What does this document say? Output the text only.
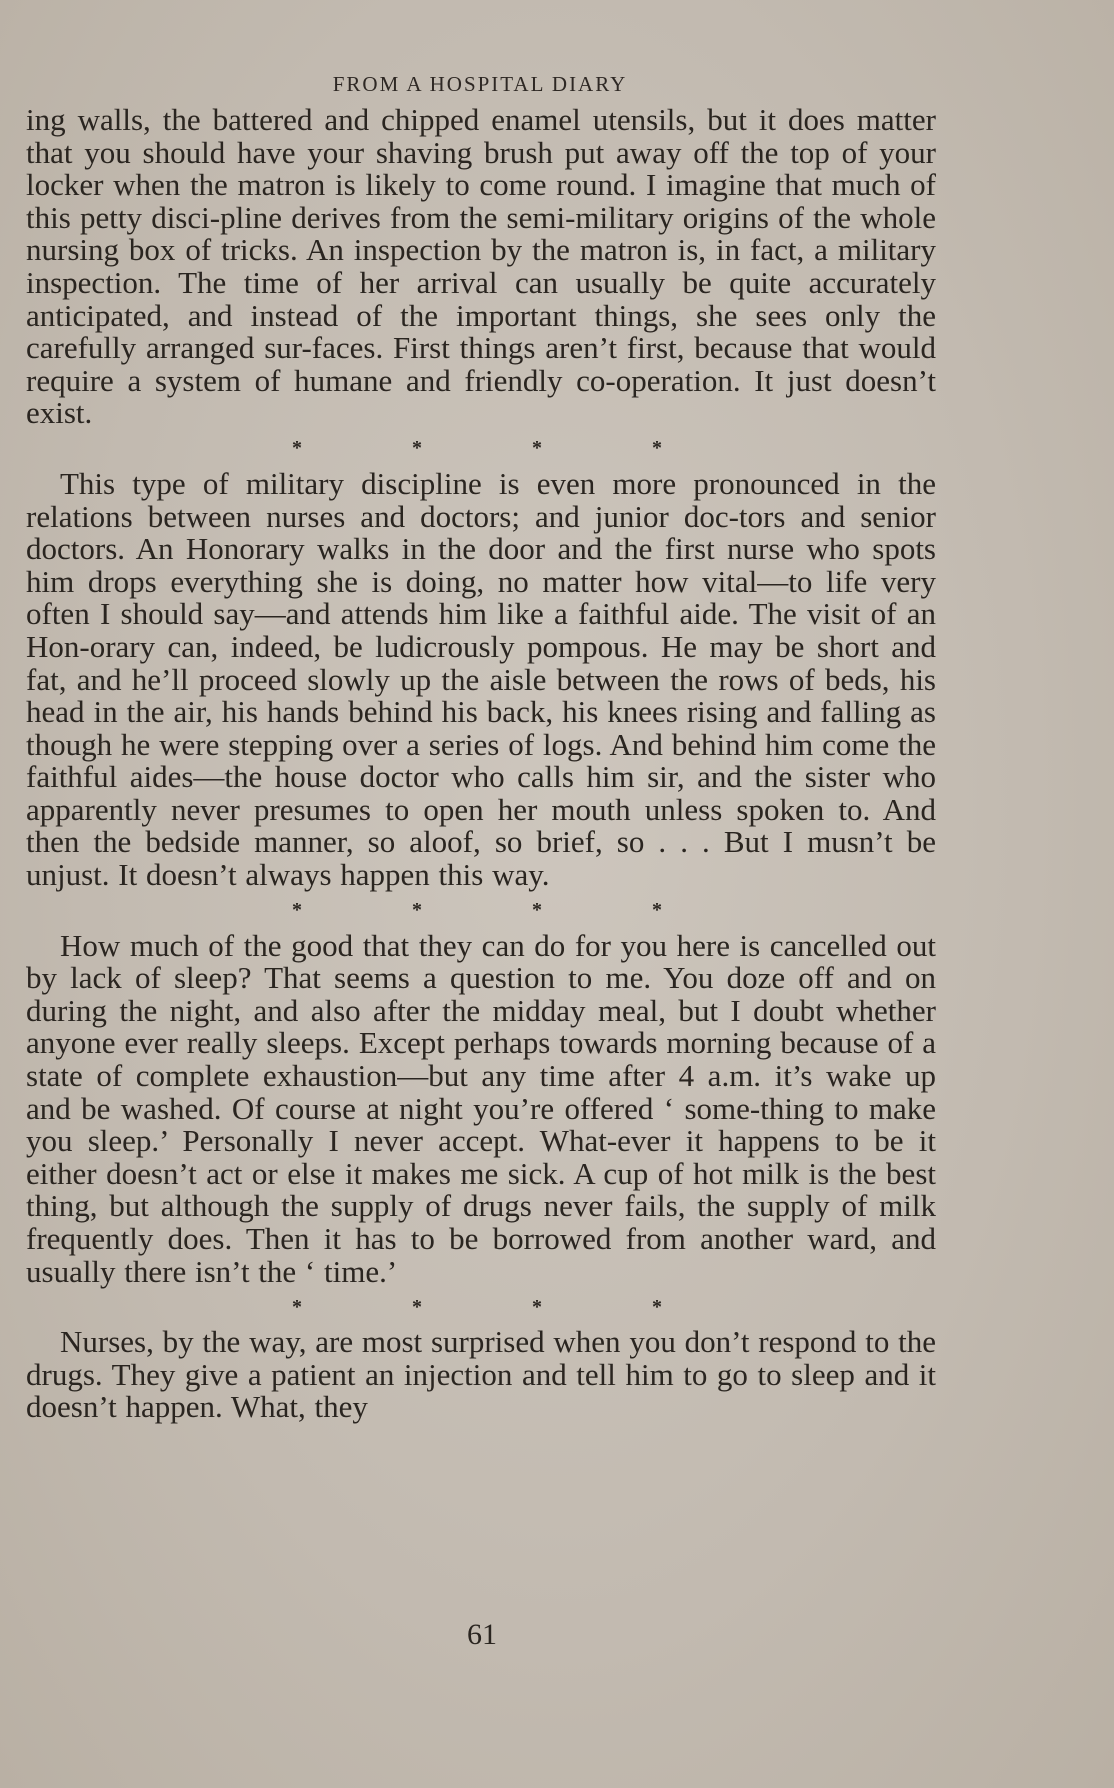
FROM A HOSPITAL DIARY

ing walls, the battered and chipped enamel utensils, but it does matter that you should have your shaving brush put away off the top of your locker when the matron is likely to come round. I imagine that much of this petty disci-pline derives from the semi-military origins of the whole nursing box of tricks. An inspection by the matron is, in fact, a military inspection. The time of her arrival can usually be quite accurately anticipated, and instead of the important things, she sees only the carefully arranged sur-faces. First things aren’t first, because that would require a system of humane and friendly co-operation. It just doesn’t exist.

*	*	*	*

This type of military discipline is even more pronounced in the relations between nurses and doctors; and junior doc-tors and senior doctors. An Honorary walks in the door and the first nurse who spots him drops everything she is doing, no matter how vital—to life very often I should say—and attends him like a faithful aide. The visit of an Hon-orary can, indeed, be ludicrously pompous. He may be short and fat, and he’ll proceed slowly up the aisle between the rows of beds, his head in the air, his hands behind his back, his knees rising and falling as though he were stepping over a series of logs. And behind him come the faithful aides—the house doctor who calls him sir, and the sister who apparently never presumes to open her mouth unless spoken to. And then the bedside manner, so aloof, so brief, so . . . But I musn’t be unjust. It doesn’t always happen this way.

*	*	*	*

How much of the good that they can do for you here is cancelled out by lack of sleep? That seems a question to me. You doze off and on during the night, and also after the midday meal, but I doubt whether anyone ever really sleeps. Except perhaps towards morning because of a state of complete exhaustion—but any time after 4 a.m. it’s wake up and be washed. Of course at night you’re offered ‘ some-thing to make you sleep.’ Personally I never accept. What-ever it happens to be it either doesn’t act or else it makes me sick. A cup of hot milk is the best thing, but although the supply of drugs never fails, the supply of milk frequently does. Then it has to be borrowed from another ward, and usually there isn’t the ‘ time.’

*	*	*	*

Nurses, by the way, are most surprised when you don’t respond to the drugs. They give a patient an injection and tell him to go to sleep and it doesn’t happen. What, they

61
